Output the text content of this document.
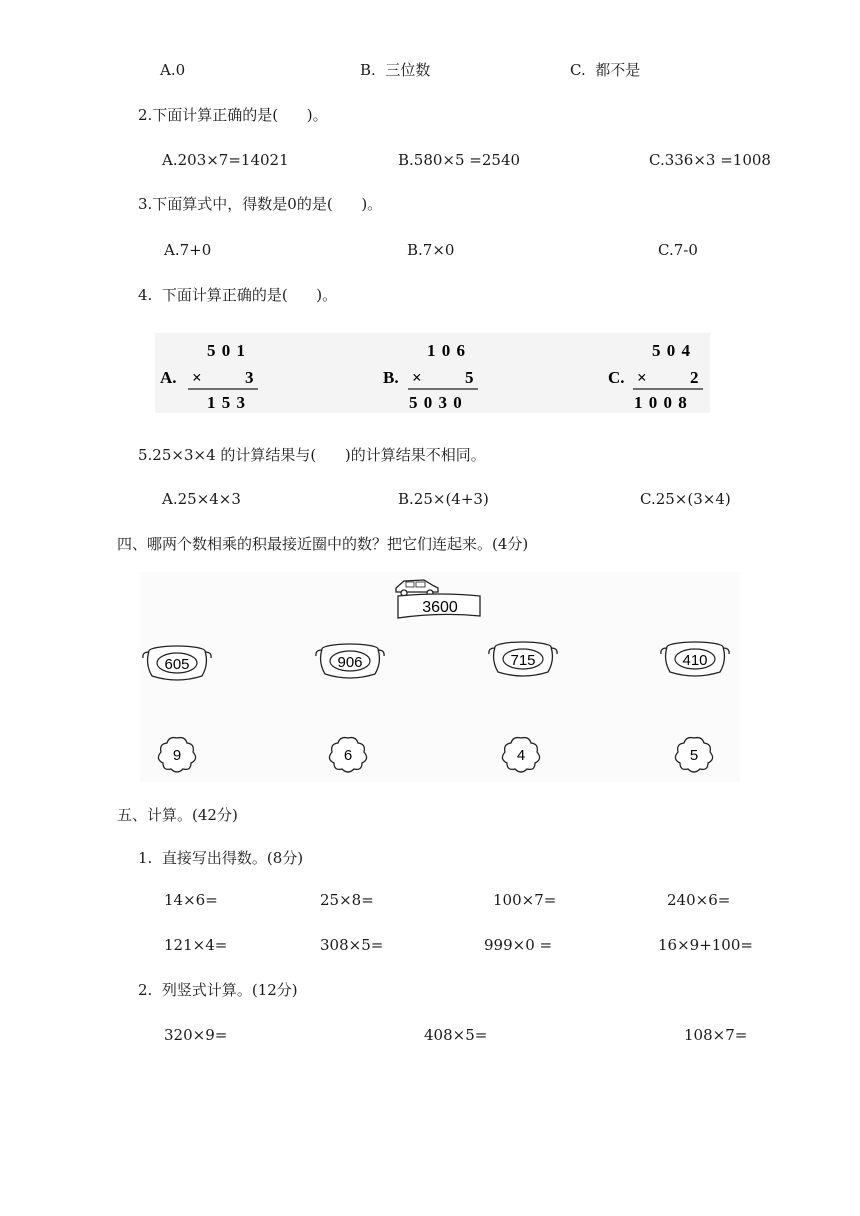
A.0	B.  三位数	C.  都不是
2.下面计算正确的是(      )。
A.203×7=14021	B.580×5 =2540	C.336×3 =1008
3.下面算式中，得数是0的是(      )。
A.7+0	B.7×0	C.7-0
4.  下面计算正确的是(      )。
A.
5 0 1
×	3
1 5 3
B.
1 0 6
×	5
5 0 3 0
C.
5 0 4
×	2
1 0 0 8
5.25×3×4 的计算结果与(      )的计算结果不相同。
A.25×4×3	B.25×(4+3)	C.25×(3×4)
四、哪两个数相乘的积最接近圈中的数？把它们连起来。(4分)
3600
605	906	715	410
9	6	4	5
五、计算。(42分)
1.  直接写出得数。(8分)
14×6=	25×8=	100×7=	240×6=
121×4=	308×5=	999×0 =	16×9+100=
2.  列竖式计算。(12分)
320×9=	408×5=	108×7=
